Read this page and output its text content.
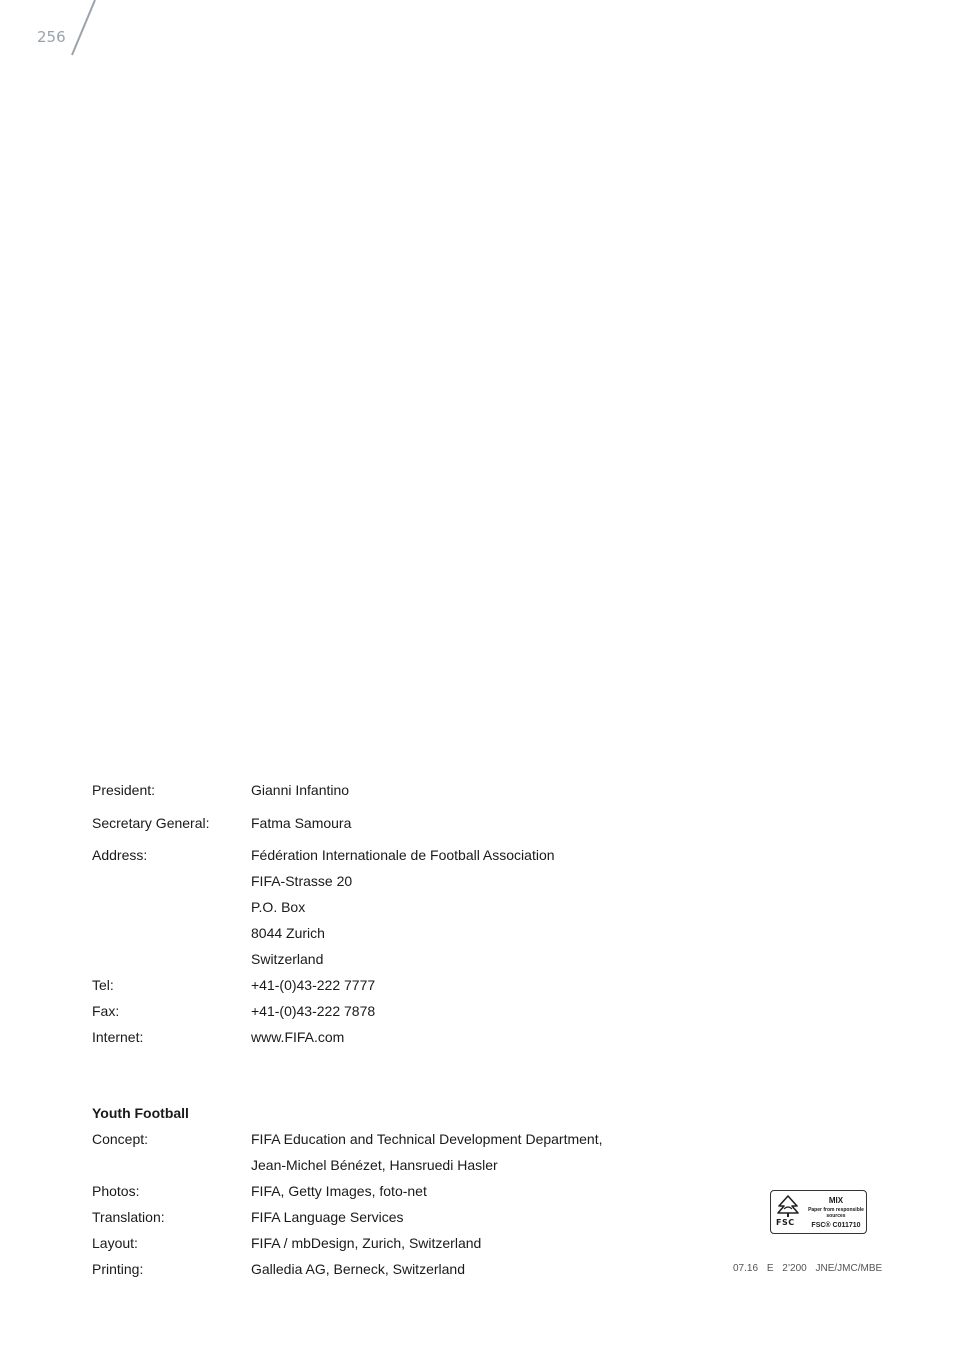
256
President:	Gianni Infantino
Secretary General:	Fatma Samoura
Address:	Fédération Internationale de Football Association
FIFA-Strasse 20
P.O. Box
8044 Zurich
Switzerland
Tel:	+41-(0)43-222 7777
Fax:	+41-(0)43-222 7878
Internet:	www.FIFA.com
Youth Football
Concept:	FIFA Education and Technical Development Department,
Jean-Michel Bénézet, Hansruedi Hasler
Photos:	FIFA, Getty Images, foto-net
Translation:	FIFA Language Services
Layout:	FIFA / mbDesign, Zurich, Switzerland
Printing:	Galledia AG, Berneck, Switzerland
FSC
MIX
Paper from responsible sources
FSC® C011710
07.16 E 2’200 JNE/JMC/MBE
